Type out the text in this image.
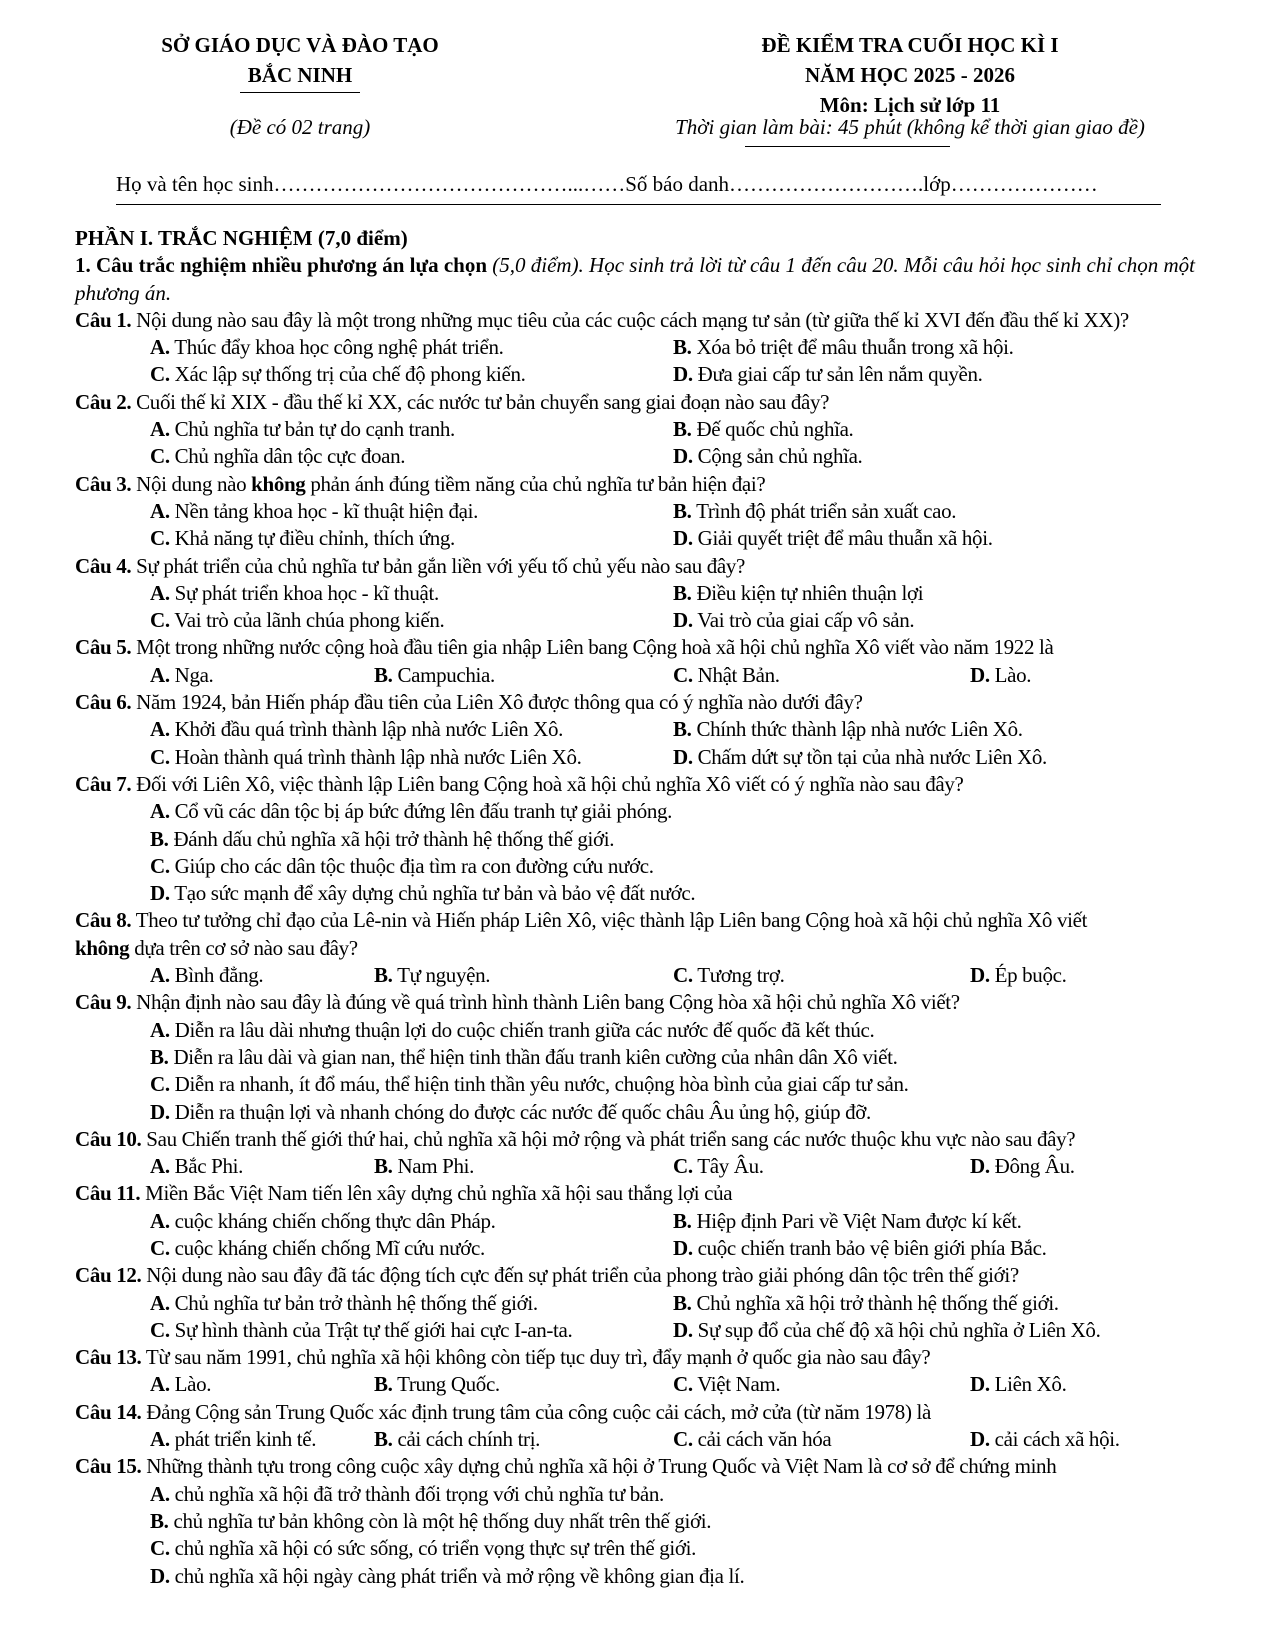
SỞ GIÁO DỤC VÀ ĐÀO TẠO
BẮC NINH
(Đề có 02 trang)
ĐỀ KIỂM TRA CUỐI HỌC KÌ I
NĂM HỌC 2025 - 2026
Môn: Lịch sử lớp 11
Thời gian làm bài: 45 phút (không kể thời gian giao đề)
Họ và tên học sinh……………………………………...……Số báo danh……………………….lớp…………………

PHẦN I. TRẮC NGHIỆM (7,0 điểm)

1. Câu trắc nghiệm nhiều phương án lựa chọn (5,0 điểm). Học sinh trả lời từ câu 1 đến câu 20. Mỗi câu hỏi học sinh chỉ chọn một phương án.

Câu 1. Nội dung nào sau đây là một trong những mục tiêu của các cuộc cách mạng tư sản (từ giữa thế kỉ XVI đến đầu thế kỉ XX)?

A. Thúc đẩy khoa học công nghệ phát triển.	B. Xóa bỏ triệt để mâu thuẫn trong xã hội.
C. Xác lập sự thống trị của chế độ phong kiến.	D. Đưa giai cấp tư sản lên nắm quyền.

Câu 2. Cuối thế kỉ XIX - đầu thế kỉ XX, các nước tư bản chuyển sang giai đoạn nào sau đây?

A. Chủ nghĩa tư bản tự do cạnh tranh.	B. Đế quốc chủ nghĩa.
C. Chủ nghĩa dân tộc cực đoan.	D. Cộng sản chủ nghĩa.

Câu 3. Nội dung nào không phản ánh đúng tiềm năng của chủ nghĩa tư bản hiện đại?

A. Nền tảng khoa học - kĩ thuật hiện đại.	B. Trình độ phát triển sản xuất cao.
C. Khả năng tự điều chỉnh, thích ứng.	D. Giải quyết triệt để mâu thuẫn xã hội.

Câu 4. Sự phát triển của chủ nghĩa tư bản gắn liền với yếu tố chủ yếu nào sau đây?

A. Sự phát triển khoa học - kĩ thuật.	B. Điều kiện tự nhiên thuận lợi
C. Vai trò của lãnh chúa phong kiến.	D. Vai trò của giai cấp vô sản.

Câu 5. Một trong những nước cộng hoà đầu tiên gia nhập Liên bang Cộng hoà xã hội chủ nghĩa Xô viết vào năm 1922 là

A. Nga.	B. Campuchia.	C. Nhật Bản.	D. Lào.

Câu 6. Năm 1924, bản Hiến pháp đầu tiên của Liên Xô được thông qua có ý nghĩa nào dưới đây?

A. Khởi đầu quá trình thành lập nhà nước Liên Xô.	B. Chính thức thành lập nhà nước Liên Xô.
C. Hoàn thành quá trình thành lập nhà nước Liên Xô.	D. Chấm dứt sự tồn tại của nhà nước Liên Xô.

Câu 7. Đối với Liên Xô, việc thành lập Liên bang Cộng hoà xã hội chủ nghĩa Xô viết có ý nghĩa nào sau đây?

A. Cổ vũ các dân tộc bị áp bức đứng lên đấu tranh tự giải phóng.

B. Đánh dấu chủ nghĩa xã hội trở thành hệ thống thế giới.

C. Giúp cho các dân tộc thuộc địa tìm ra con đường cứu nước.

D. Tạo sức mạnh để xây dựng chủ nghĩa tư bản và bảo vệ đất nước.

Câu 8. Theo tư tưởng chỉ đạo của Lê-nin và Hiến pháp Liên Xô, việc thành lập Liên bang Cộng hoà xã hội chủ nghĩa Xô viết

không dựa trên cơ sở nào sau đây?

A. Bình đẳng.	B. Tự nguyện.	C. Tương trợ.	D. Ép buộc.

Câu 9. Nhận định nào sau đây là đúng về quá trình hình thành Liên bang Cộng hòa xã hội chủ nghĩa Xô viết?

A. Diễn ra lâu dài nhưng thuận lợi do cuộc chiến tranh giữa các nước đế quốc đã kết thúc.

B. Diễn ra lâu dài và gian nan, thể hiện tinh thần đấu tranh kiên cường của nhân dân Xô viết.

C. Diễn ra nhanh, ít đổ máu, thể hiện tinh thần yêu nước, chuộng hòa bình của giai cấp tư sản.

D. Diễn ra thuận lợi và nhanh chóng do được các nước đế quốc châu Âu ủng hộ, giúp đỡ.

Câu 10. Sau Chiến tranh thế giới thứ hai, chủ nghĩa xã hội mở rộng và phát triển sang các nước thuộc khu vực nào sau đây?

A. Bắc Phi.	B. Nam Phi.	C. Tây Âu.	D. Đông Âu.

Câu 11. Miền Bắc Việt Nam tiến lên xây dựng chủ nghĩa xã hội sau thắng lợi của

A. cuộc kháng chiến chống thực dân Pháp.	B. Hiệp định Pari về Việt Nam được kí kết.
C. cuộc kháng chiến chống Mĩ cứu nước.	D. cuộc chiến tranh bảo vệ biên giới phía Bắc.

Câu 12. Nội dung nào sau đây đã tác động tích cực đến sự phát triển của phong trào giải phóng dân tộc trên thế giới?

A. Chủ nghĩa tư bản trở thành hệ thống thế giới.	B. Chủ nghĩa xã hội trở thành hệ thống thế giới.
C. Sự hình thành của Trật tự thế giới hai cực I-an-ta.	D. Sự sụp đổ của chế độ xã hội chủ nghĩa ở Liên Xô.

Câu 13. Từ sau năm 1991, chủ nghĩa xã hội không còn tiếp tục duy trì, đẩy mạnh ở quốc gia nào sau đây?

A. Lào.	B. Trung Quốc.	C. Việt Nam.	D. Liên Xô.

Câu 14. Đảng Cộng sản Trung Quốc xác định trung tâm của công cuộc cải cách, mở cửa (từ năm 1978) là

A. phát triển kinh tế.	B. cải cách chính trị.	C. cải cách văn hóa	D. cải cách xã hội.

Câu 15. Những thành tựu trong công cuộc xây dựng chủ nghĩa xã hội ở Trung Quốc và Việt Nam là cơ sở để chứng minh

A. chủ nghĩa xã hội đã trở thành đối trọng với chủ nghĩa tư bản.

B. chủ nghĩa tư bản không còn là một hệ thống duy nhất trên thế giới.

C. chủ nghĩa xã hội có sức sống, có triển vọng thực sự trên thế giới.

D. chủ nghĩa xã hội ngày càng phát triển và mở rộng về không gian địa lí.
